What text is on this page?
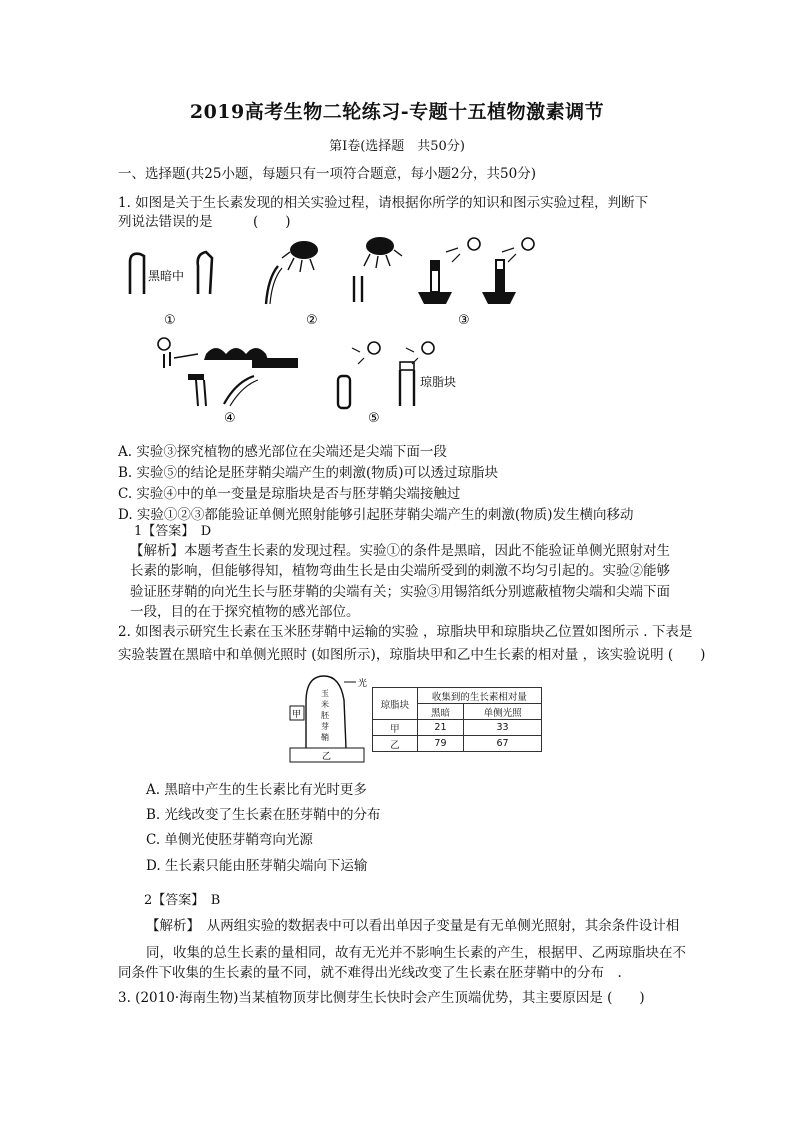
2019高考生物二轮练习-专题十五植物激素调节
第Ⅰ卷(选择题　共50分)
一、选择题(共25小题，每题只有一项符合题意，每小题2分，共50分)
1. 如图是关于生长素发现的相关实验过程，请根据你所学的知识和图示实验过程，判断下
列说法错误的是　　　(　　)
黑暗中
①	②	③
④
琼脂块
⑤
A. 实验③探究植物的感光部位在尖端还是尖端下面一段
B. 实验⑤的结论是胚芽鞘尖端产生的刺激(物质)可以透过琼脂块
C. 实验④中的单一变量是琼脂块是否与胚芽鞘尖端接触过
D. 实验①②③都能验证单侧光照射能够引起胚芽鞘尖端产生的刺激(物质)发生横向移动
1【答案】　D
【解析】本题考查生长素的发现过程。实验①的条件是黑暗，因此不能验证单侧光照射对生
长素的影响，但能够得知，植物弯曲生长是由尖端所受到的刺激不均匀引起的。实验②能够
验证胚芽鞘的向光生长与胚芽鞘的尖端有关；实验③用锡箔纸分别遮蔽植物尖端和尖端下面
一段，目的在于探究植物的感光部位。
2. 如图表示研究生长素在玉米胚芽鞘中运输的实验 ，琼脂块甲和琼脂块乙位置如图所示 . 下表是
实验装置在黑暗中和单侧光照时 (如图所示)，琼脂块甲和乙中生长素的相对量 ，该实验说明 (　　)
光
玉
米
胚
芽
鞘
甲
乙
琼脂块	收集到的生长素相对量	
	黑暗	单侧光照
甲	21	33
乙	79	67
A. 黑暗中产生的生长素比有光时更多
B. 光线改变了生长素在胚芽鞘中的分布
C. 单侧光使胚芽鞘弯向光源
D. 生长素只能由胚芽鞘尖端向下运输
2【答案】　B
【解析】　从两组实验的数据表中可以看出单因子变量是有无单侧光照射，其余条件设计相
同，收集的总生长素的量相同，故有无光并不影响生长素的产生，根据甲、乙两琼脂块在不
同条件下收集的生长素的量不同，就不难得出光线改变了生长素在胚芽鞘中的分布　.
3. (2010·海南生物)当某植物顶芽比侧芽生长快时会产生顶端优势，其主要原因是 (　　)
